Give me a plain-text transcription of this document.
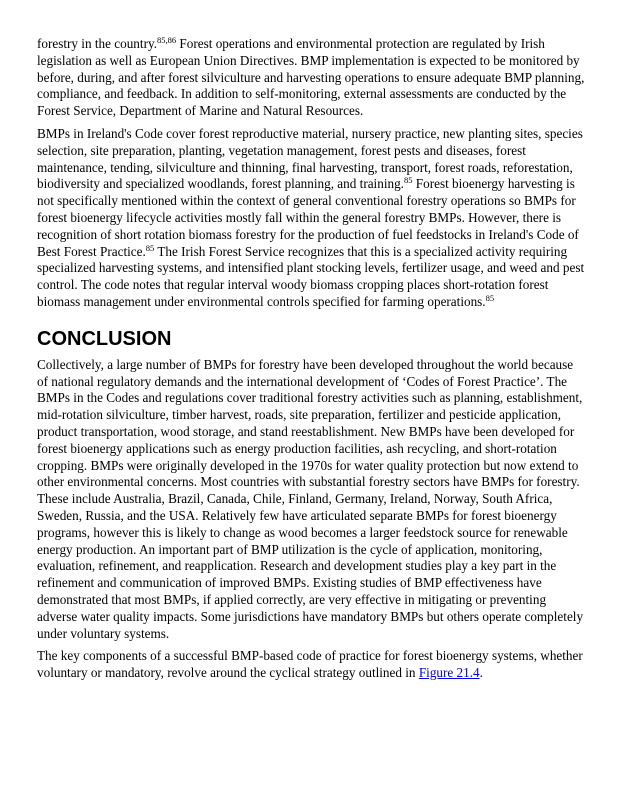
forestry in the country.$^{85,86}$ Forest operations and environmental protection are regulated by Irish legislation as well as European Union Directives. BMP implementation is expected to be monitored by before, during, and after forest silviculture and harvesting operations to ensure adequate BMP planning, compliance, and feedback. In addition to self-monitoring, external assessments are conducted by the Forest Service, Department of Marine and Natural Resources.

BMPs in Ireland's Code cover forest reproductive material, nursery practice, new planting sites, species selection, site preparation, planting, vegetation management, forest pests and diseases, forest maintenance, tending, silviculture and thinning, final harvesting, transport, forest roads, reforestation, biodiversity and specialized woodlands, forest planning, and training.$^{85}$ Forest bioenergy harvesting is not specifically mentioned within the context of general conventional forestry operations so BMPs for forest bioenergy lifecycle activities mostly fall within the general forestry BMPs. However, there is recognition of short rotation biomass forestry for the production of fuel feedstocks in Ireland's Code of Best Forest Practice.$^{85}$ The Irish Forest Service recognizes that this is a specialized activity requiring specialized harvesting systems, and intensified plant stocking levels, fertilizer usage, and weed and pest control. The code notes that regular interval woody biomass cropping places short-rotation forest biomass management under environmental controls specified for farming operations.$^{85}$

CONCLUSION

Collectively, a large number of BMPs for forestry have been developed throughout the world because of national regulatory demands and the international development of ‘Codes of Forest Practice’. The BMPs in the Codes and regulations cover traditional forestry activities such as planning, establishment, mid-rotation silviculture, timber harvest, roads, site preparation, fertilizer and pesticide application, product transportation, wood storage, and stand reestablishment. New BMPs have been developed for forest bioenergy applications such as energy production facilities, ash recycling, and short-rotation cropping. BMPs were originally developed in the 1970s for water quality protection but now extend to other environmental concerns. Most countries with substantial forestry sectors have BMPs for forestry. These include Australia, Brazil, Canada, Chile, Finland, Germany, Ireland, Norway, South Africa, Sweden, Russia, and the USA. Relatively few have articulated separate BMPs for forest bioenergy programs, however this is likely to change as wood becomes a larger feedstock source for renewable energy production. An important part of BMP utilization is the cycle of application, monitoring, evaluation, refinement, and reapplication. Research and development studies play a key part in the refinement and communication of improved BMPs. Existing studies of BMP effectiveness have demonstrated that most BMPs, if applied correctly, are very effective in mitigating or preventing adverse water quality impacts. Some jurisdictions have mandatory BMPs but others operate completely under voluntary systems.

The key components of a successful BMP-based code of practice for forest bioenergy systems, whether voluntary or mandatory, revolve around the cyclical strategy outlined in Figure 21.4.
